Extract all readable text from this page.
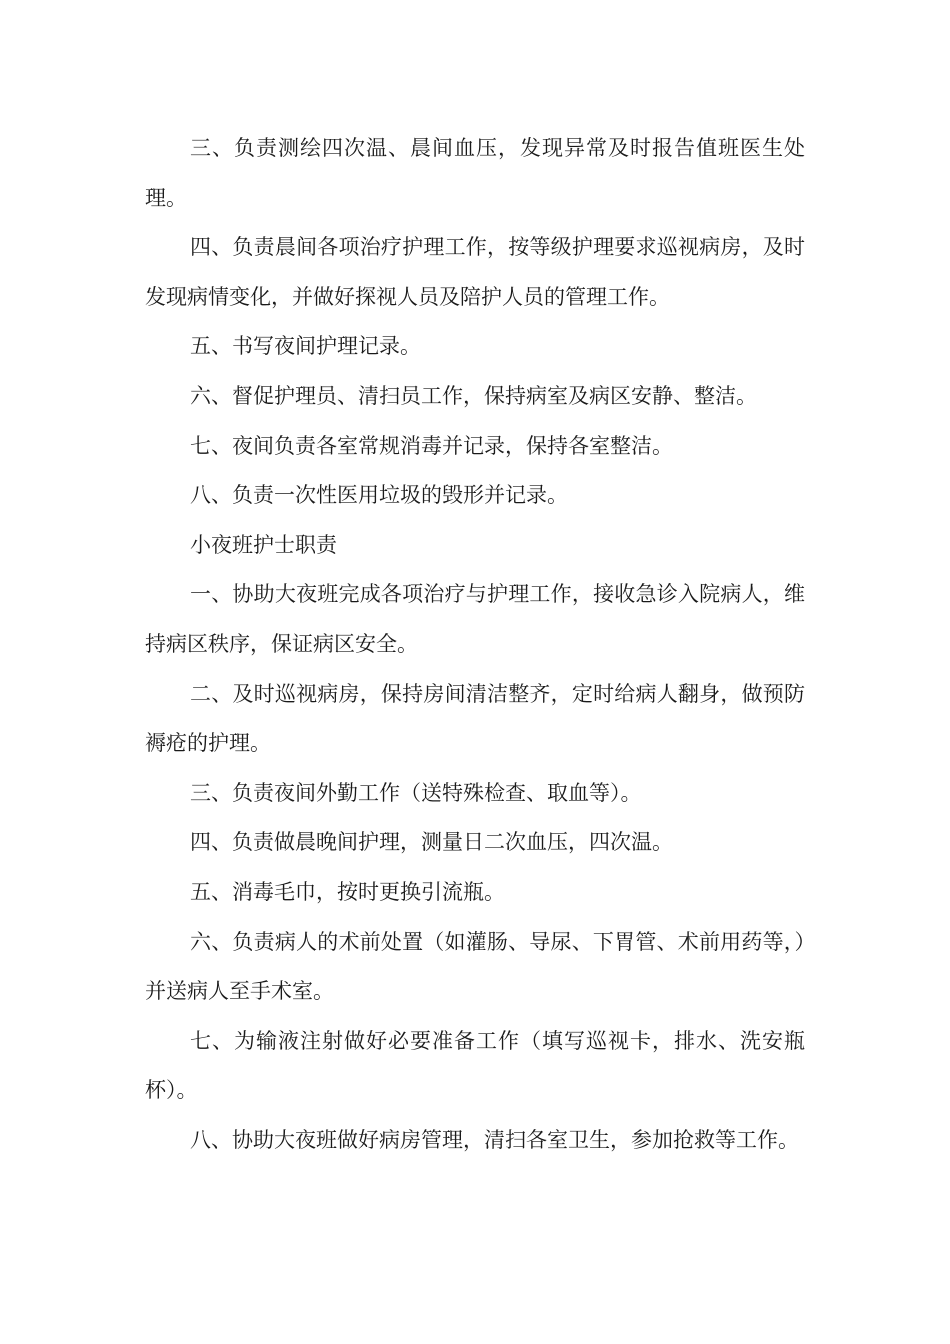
三、负责测绘四次温、晨间血压，发现异常及时报告值班医生处理。

四、负责晨间各项治疗护理工作，按等级护理要求巡视病房，及时发现病情变化，并做好探视人员及陪护人员的管理工作。

五、书写夜间护理记录。

六、督促护理员、清扫员工作，保持病室及病区安静、整洁。

七、夜间负责各室常规消毒并记录，保持各室整洁。

八、负责一次性医用垃圾的毁形并记录。

小夜班护士职责

一、协助大夜班完成各项治疗与护理工作，接收急诊入院病人，维持病区秩序，保证病区安全。

二、及时巡视病房，保持房间清洁整齐，定时给病人翻身，做预防褥疮的护理。

三、负责夜间外勤工作（送特殊检查、取血等）。

四、负责做晨晚间护理，测量日二次血压，四次温。

五、消毒毛巾，按时更换引流瓶。

六、负责病人的术前处置（如灌肠、导尿、下胃管、术前用药等，）并送病人至手术室。

七、为输液注射做好必要准备工作（填写巡视卡，排水、洗安瓶杯）。

八、协助大夜班做好病房管理，清扫各室卫生，参加抢救等工作。
